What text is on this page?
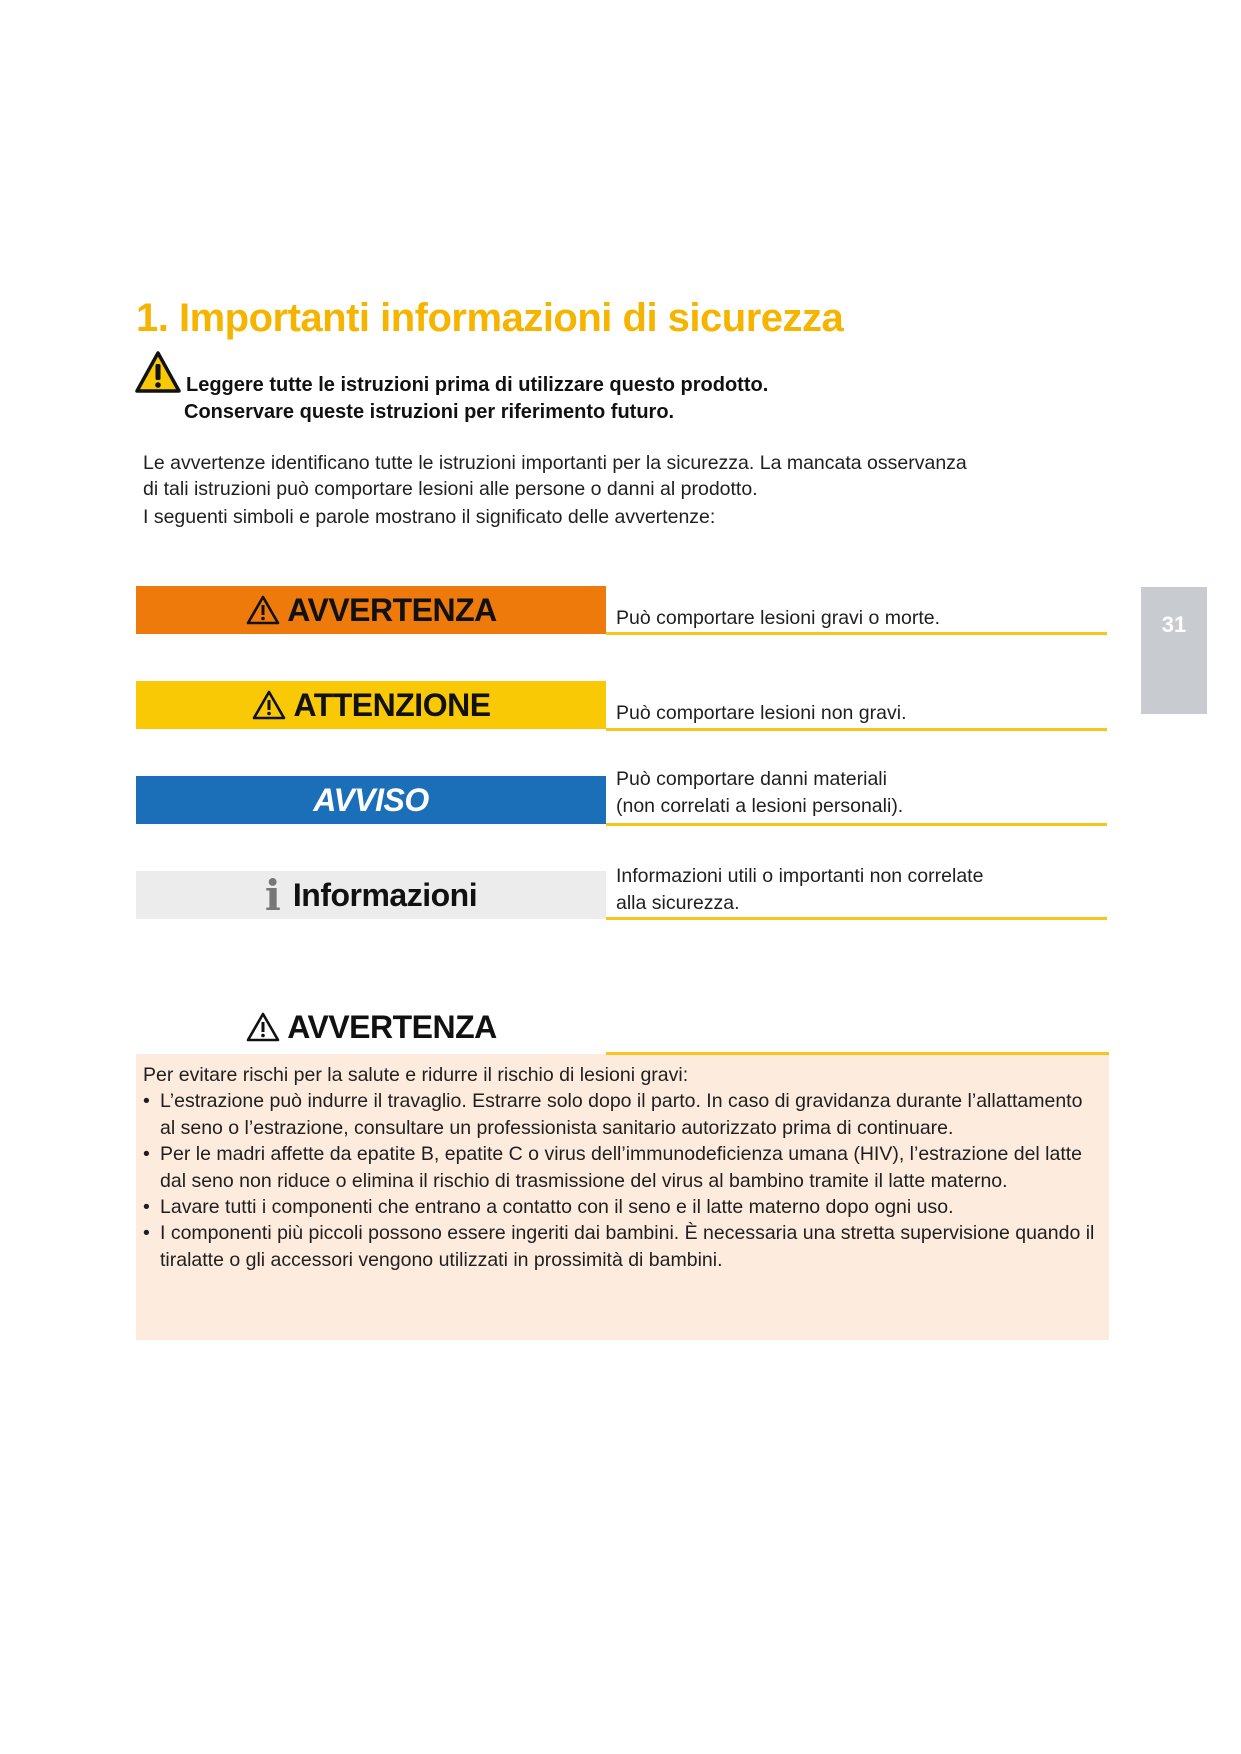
1. Importanti informazioni di sicurezza
Leggere tutte le istruzioni prima di utilizzare questo prodotto.
Conservare queste istruzioni per riferimento futuro.
Le avvertenze identificano tutte le istruzioni importanti per la sicurezza. La mancata osservanza
di tali istruzioni può comportare lesioni alle persone o danni al prodotto.
I seguenti simboli e parole mostrano il significato delle avvertenze:
AVVERTENZA	Può comportare lesioni gravi o morte.
ATTENZIONE	Può comportare lesioni non gravi.
AVVISO
Può comportare danni materiali
(non correlati a lesioni personali).
i Informazioni
Informazioni utili o importanti non correlate
alla sicurezza.
31
AVVERTENZA
Per evitare rischi per la salute e ridurre il rischio di lesioni gravi:
• L’estrazione può indurre il travaglio. Estrarre solo dopo il parto. In caso di gravidanza durante l’allattamento al seno o l’estrazione, consultare un professionista sanitario autorizzato prima di continuare.
• Per le madri affette da epatite B, epatite C o virus dell’immunodeficienza umana (HIV), l’estrazione del latte dal seno non riduce o elimina il rischio di trasmissione del virus al bambino tramite il latte materno.
• Lavare tutti i componenti che entrano a contatto con il seno e il latte materno dopo ogni uso.
• I componenti più piccoli possono essere ingeriti dai bambini. È necessaria una stretta supervisione quando il tiralatte o gli accessori vengono utilizzati in prossimità di bambini.
